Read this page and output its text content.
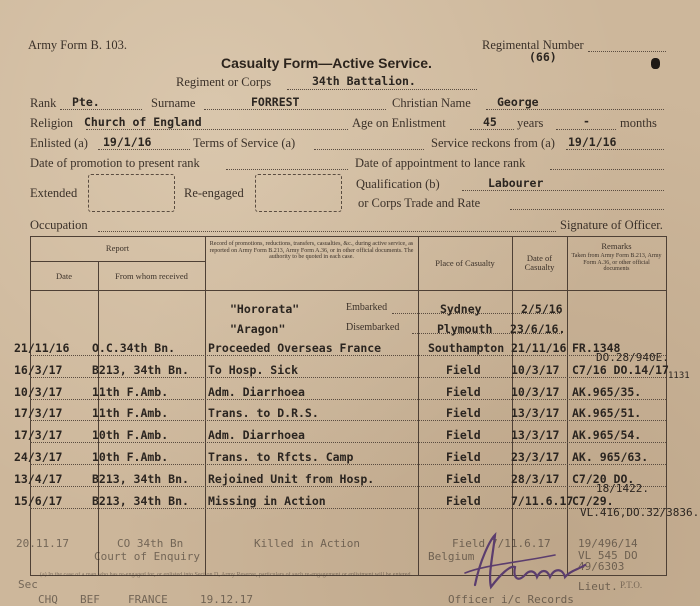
Army Form B. 103.	Regimental Number
(66)
Casualty Form—Active Service.
Regiment or Corps	34th Battalion.
Rank Pte.	Surname	FORREST	Christian Name George
Religion Church of England	Age on Enlistment	45 years	- months
Enlisted (a) 19/1/16	Terms of Service (a)	Service reckons from (a) 19/1/16
Date of promotion to present rank	Date of appointment to lance rank
Extended	Re-engaged
Qualification (b)	Labourer
or Corps Trade and Rate
Occupation	Signature of Officer.
Report
Date	From whom received
Record of promotions, reductions, transfers, casualties, &c., during active service, as reported on Army Form B.213, Army Form A.36, or in other official documents. The authority to be quoted in each case.
Place of Casualty	Date of Casualty
Remarks
Taken from Army Form B.213, Army Form A.36, or other official documents
"Hororata"	Embarked	Sydney	2/5/16
"Aragon"	Disembarked	Plymouth 23/6/16.
21/11/16 O.C.34th Bn.	Proceeded Overseas France	Southampton 21/11/16 FR.1348
DO.28/940E.
16/3/17	B213, 34th Bn. To Hosp. Sick	Field	10/3/17 C7/16 DO.14/17 1131
10/3/17	11th F.Amb.	Adm. Diarrhoea	Field	10/3/17 AK.965/35.
17/3/17	11th F.Amb.	Trans. to D.R.S.	Field	13/3/17 AK.965/51.
17/3/17	10th F.Amb.	Adm. Diarrhoea	Field	13/3/17 AK.965/54.
24/3/17	10th F.Amb.	Trans. to Rfcts. Camp	Field	23/3/17 AK. 965/63.
13/4/17	B213, 34th Bn. Rejoined Unit from Hosp.	Field	28/3/17 C7/20 DO.
18/1422.
15/6/17	B213, 34th Bn. Missing in Action	Field	7/11.6.17
C7/29.
VL.416,DO.32/3836.
20.11.17	CO 34th Bn	Killed in Action	Field 7/11.6.17 19/496/14
Court of Enquiry	Belgium	VL 545 DO 49/6303
(a) In the case of a man who has re-engaged for, or enlisted into Section D, Army Reserve, particulars of such re-engagement or enlistment will be entered.
Sec
CHQ BEF	FRANCE	19.12.17	Officer i/c Records
Lieut. P.T.O.
